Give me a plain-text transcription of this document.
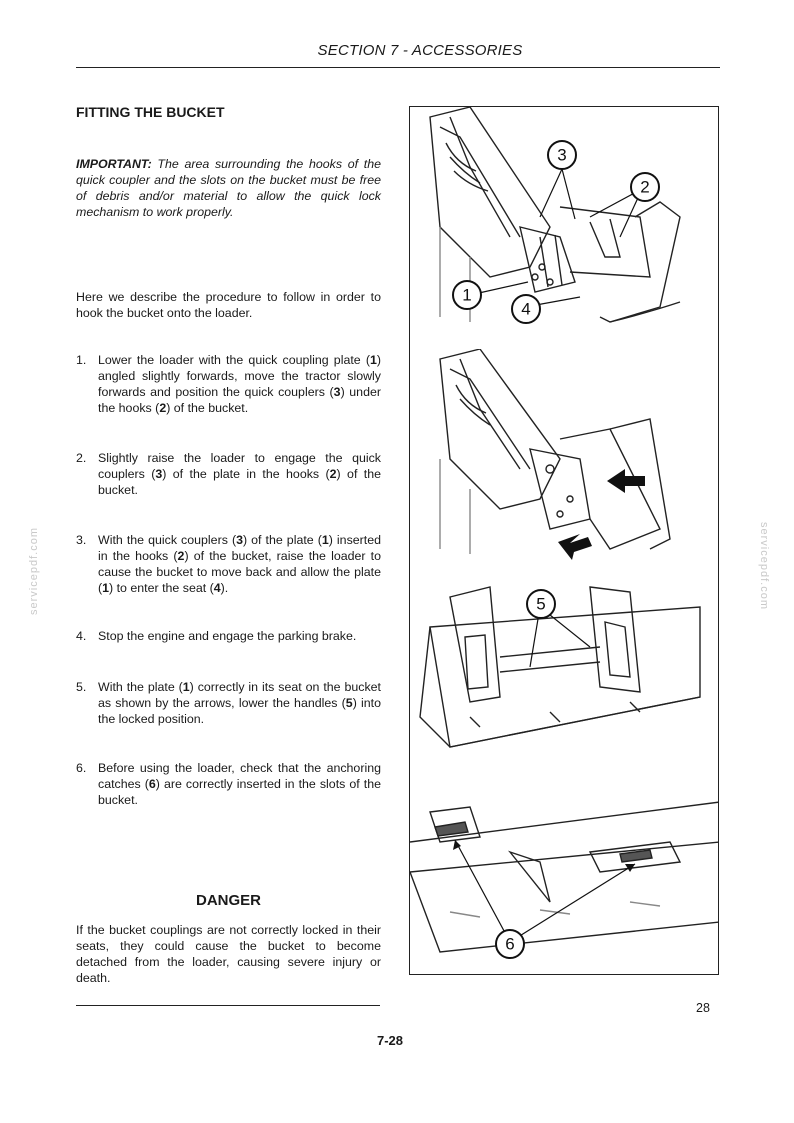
SECTION 7 - ACCESSORIES
FITTING THE BUCKET
IMPORTANT: The area surrounding the hooks of the quick coupler and the slots on the bucket must be free of debris and/or material to allow the quick lock mechanism to work properly.
Here we describe the procedure to follow in order to hook the bucket onto the loader.
1. Lower the loader with the quick coupling plate (1) angled slightly forwards, move the tractor slowly forwards and position the quick couplers (3) under the hooks (2) of the bucket.
2. Slightly raise the loader to engage the quick couplers (3) of the plate in the hooks (2) of the bucket.
3. With the quick couplers (3) of the plate (1) inserted in the hooks (2) of the bucket, raise the loader to cause the bucket to move back and allow the plate (1) to enter the seat (4).
4. Stop the engine and engage the parking brake.
5. With the plate (1) correctly in its seat on the bucket as shown by the arrows, lower the handles (5) into the locked position.
6. Before using the loader, check that the anchoring catches (6) are correctly inserted in the slots of the bucket.
DANGER
If the bucket couplings are not correctly locked in their seats, they could cause the bucket to become detached from the loader, causing severe injury or death.
28
7-28
servicepdf.com	servicepdf.com
3
2
1
4
5
6
